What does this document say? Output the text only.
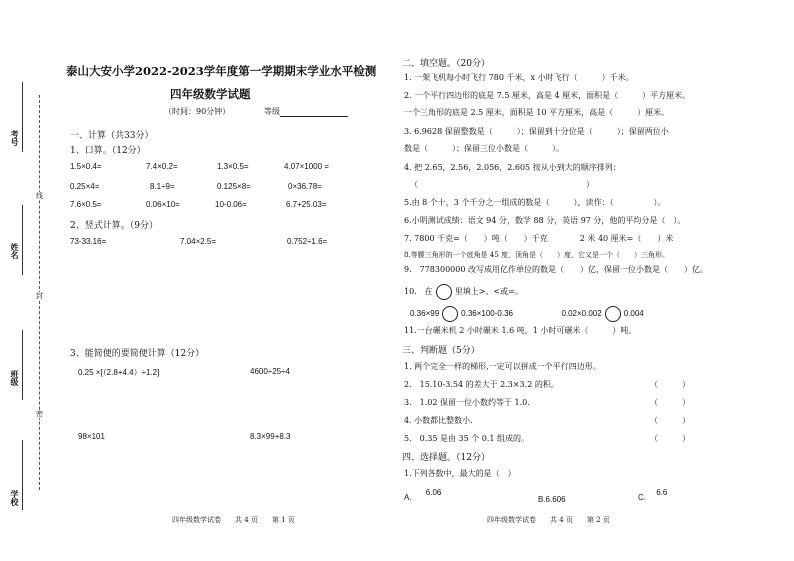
线
封
密
考号
姓名
班级
学校
泰山大安小学2022-2023学年度第一学期期末学业水平检测
四年级数学试题
（时间：90分钟）	等级
一、计算（共33分）
1、口算。（12分）
1.5×0.4=	7.4×0.2=	1.3×0.5=	4.07×1000 =
0.25×4=	8.1÷9=	0.125×8=	0×36.78=
7.6×0.5=	0.06×10=	10-0.06=	6.7+25.03=
2、竖式计算。（9分）
73-33.16=	7.04×2.5=	0.752÷1.6=
3、能简便的要简便计算（12分）
0.25 ×[（2.8+4.4）÷1.2]	4600÷25÷4
98×101	8.3×99+8.3
四年级数学试卷　　共 4 页　　第 1 页
二、填空题。（20分）
1. 一架飞机每小时飞行 780 千米，x 小时飞行（　　　）千米。
2. 一个平行四边形的底是 7.5 厘米，高是 4 厘米，面积是（　　　）平方厘米。
一个三角形的底是 2.5 厘米，面积是 10 平方厘米，高是（　　　）厘米。
3. 6.9628 保留整数是（　　　）；保留到十分位是（　　　）；保留两位小
数是（　　　）；保留三位小数是（　　　）。
4. 把 2.65，2.56，2.056，2.605 按从小到大的顺序排列：
（　　　　　　　　　　　　　　　　　　　　　）
5.由 8 个十，3 个千分之一组成的数是（　　　），读作：（　　　　　）。
6.小明测试成绩：语文 94 分，数学 88 分，英语 97 分，他的平均分是（　）。
7. 7800 千克=（　　）吨（　　）千克　　　　2 米 40 厘米=（　　）米
8.等腰三角形的一个底角是 45 度，顶角是（　　）度，它又是一个（　　）三角形。
9.　778300000 改写成用亿作单位的数是（　　）亿，保留一位小数是（　　）亿。
10.　在	里填上>、<或=。
0.36×99	0.36×100-0.36	0.02×0.002	0.004
11.一台碾米机 2 小时碾米 1.6 吨，1 小时可碾米（　　　）吨。
三、判断题（5分）
1. 两个完全一样的梯形,一定可以拼成一个平行四边形。
2.　15.10-3.54 的差大于 2.3×3.2 的积。	（　　　）
3.　1.02 保留一位小数约等于 1.0.	（　　　）
4. 小数都比整数小.	（　　　）
5.　0.35 是由 35 个 0.1 组成的。	（　　　）
四、选择题。（12分）
1.下列各数中，最大的是（　）
A. 6.06
B.6.606	C. 6.6
四年级数学试卷　　共 4 页　　第 2 页
